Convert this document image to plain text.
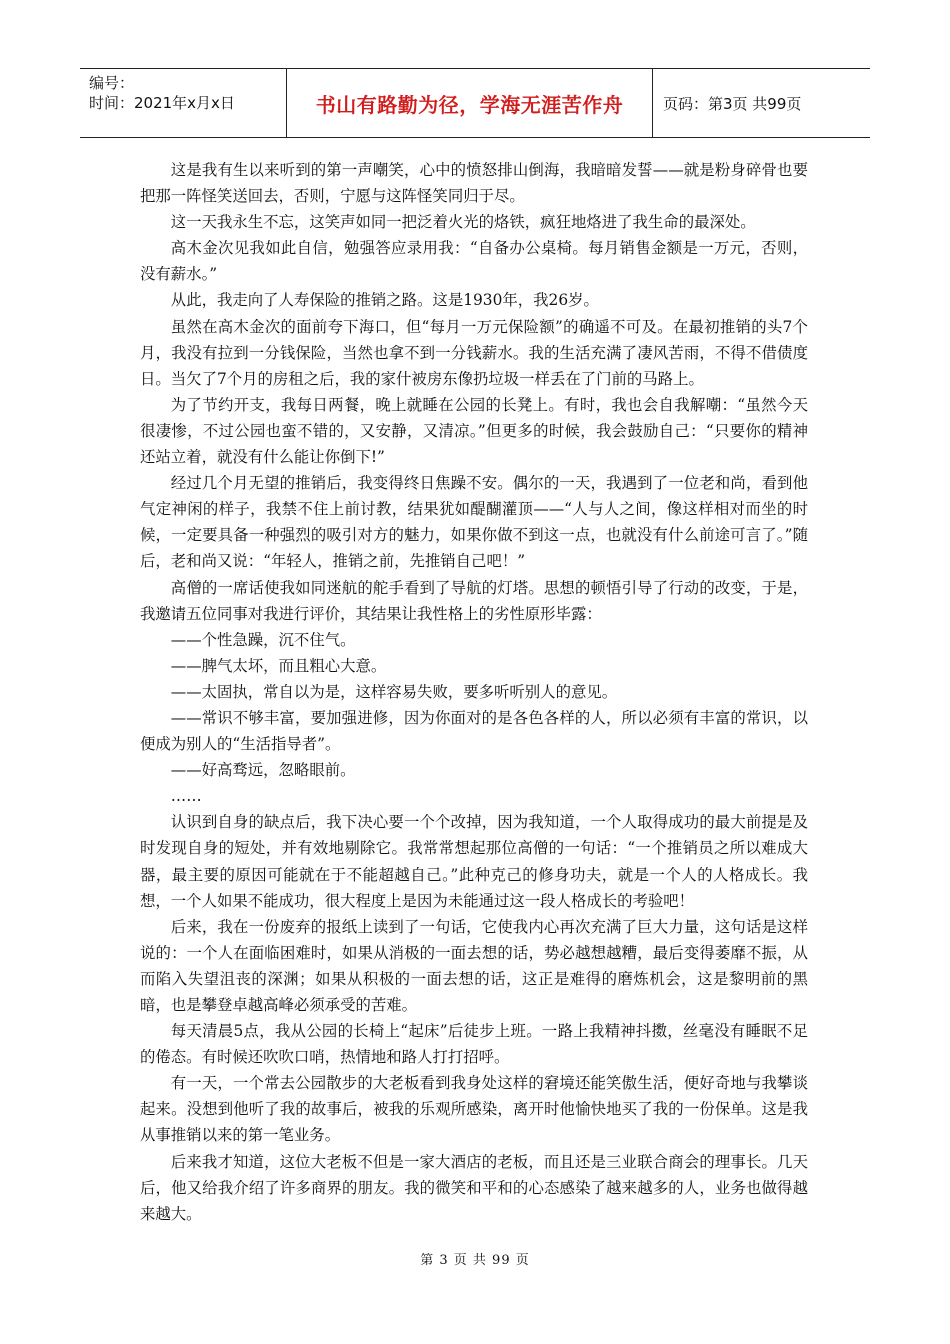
编号：
时间：2021年x月x日	书山有路勤为径，学海无涯苦作舟	页码：第3页 共99页

这是我有生以来听到的第一声嘲笑，心中的愤怒排山倒海，我暗暗发誓——就是粉身碎骨也要把那一阵怪笑送回去，否则，宁愿与这阵怪笑同归于尽。

这一天我永生不忘，这笑声如同一把泛着火光的烙铁，疯狂地烙进了我生命的最深处。

高木金次见我如此自信，勉强答应录用我：“自备办公桌椅。每月销售金额是一万元，否则，没有薪水。”

从此，我走向了人寿保险的推销之路。这是1930年，我26岁。

虽然在高木金次的面前夸下海口，但“每月一万元保险额”的确遥不可及。在最初推销的头7个月，我没有拉到一分钱保险，当然也拿不到一分钱薪水。我的生活充满了凄风苦雨，不得不借债度日。当欠了7个月的房租之后，我的家什被房东像扔垃圾一样丢在了门前的马路上。

为了节约开支，我每日两餐，晚上就睡在公园的长凳上。有时，我也会自我解嘲：“虽然今天很凄惨，不过公园也蛮不错的，又安静，又清凉。”但更多的时候，我会鼓励自己：“只要你的精神还站立着，就没有什么能让你倒下!”

经过几个月无望的推销后，我变得终日焦躁不安。偶尔的一天，我遇到了一位老和尚，看到他气定神闲的样子，我禁不住上前讨教，结果犹如醍醐灌顶——“人与人之间，像这样相对而坐的时候，一定要具备一种强烈的吸引对方的魅力，如果你做不到这一点，也就没有什么前途可言了。”随后，老和尚又说：“年轻人，推销之前，先推销自己吧！”

高僧的一席话使我如同迷航的舵手看到了导航的灯塔。思想的顿悟引导了行动的改变，于是，我邀请五位同事对我进行评价，其结果让我性格上的劣性原形毕露：

——个性急躁，沉不住气。

——脾气太坏，而且粗心大意。

——太固执，常自以为是，这样容易失败，要多听听别人的意见。

——常识不够丰富，要加强进修，因为你面对的是各色各样的人，所以必须有丰富的常识，以便成为别人的“生活指导者”。

——好高骛远，忽略眼前。

……

认识到自身的缺点后，我下决心要一个个改掉，因为我知道，一个人取得成功的最大前提是及时发现自身的短处，并有效地剔除它。我常常想起那位高僧的一句话：“一个推销员之所以难成大器，最主要的原因可能就在于不能超越自己。”此种克己的修身功夫，就是一个人的人格成长。我想，一个人如果不能成功，很大程度上是因为未能通过这一段人格成长的考验吧！

后来，我在一份废弃的报纸上读到了一句话，它使我内心再次充满了巨大力量，这句话是这样说的：一个人在面临困难时，如果从消极的一面去想的话，势必越想越糟，最后变得萎靡不振，从而陷入失望沮丧的深渊；如果从积极的一面去想的话，这正是难得的磨炼机会，这是黎明前的黑暗，也是攀登卓越高峰必须承受的苦难。

每天清晨5点，我从公园的长椅上“起床”后徒步上班。一路上我精神抖擞，丝毫没有睡眠不足的倦态。有时候还吹吹口哨，热情地和路人打打招呼。

有一天，一个常去公园散步的大老板看到我身处这样的窘境还能笑傲生活，便好奇地与我攀谈起来。没想到他听了我的故事后，被我的乐观所感染，离开时他愉快地买了我的一份保单。这是我从事推销以来的第一笔业务。

后来我才知道，这位大老板不但是一家大酒店的老板，而且还是三业联合商会的理事长。几天后，他又给我介绍了许多商界的朋友。我的微笑和平和的心态感染了越来越多的人，业务也做得越来越大。

第 3 页 共 99 页
